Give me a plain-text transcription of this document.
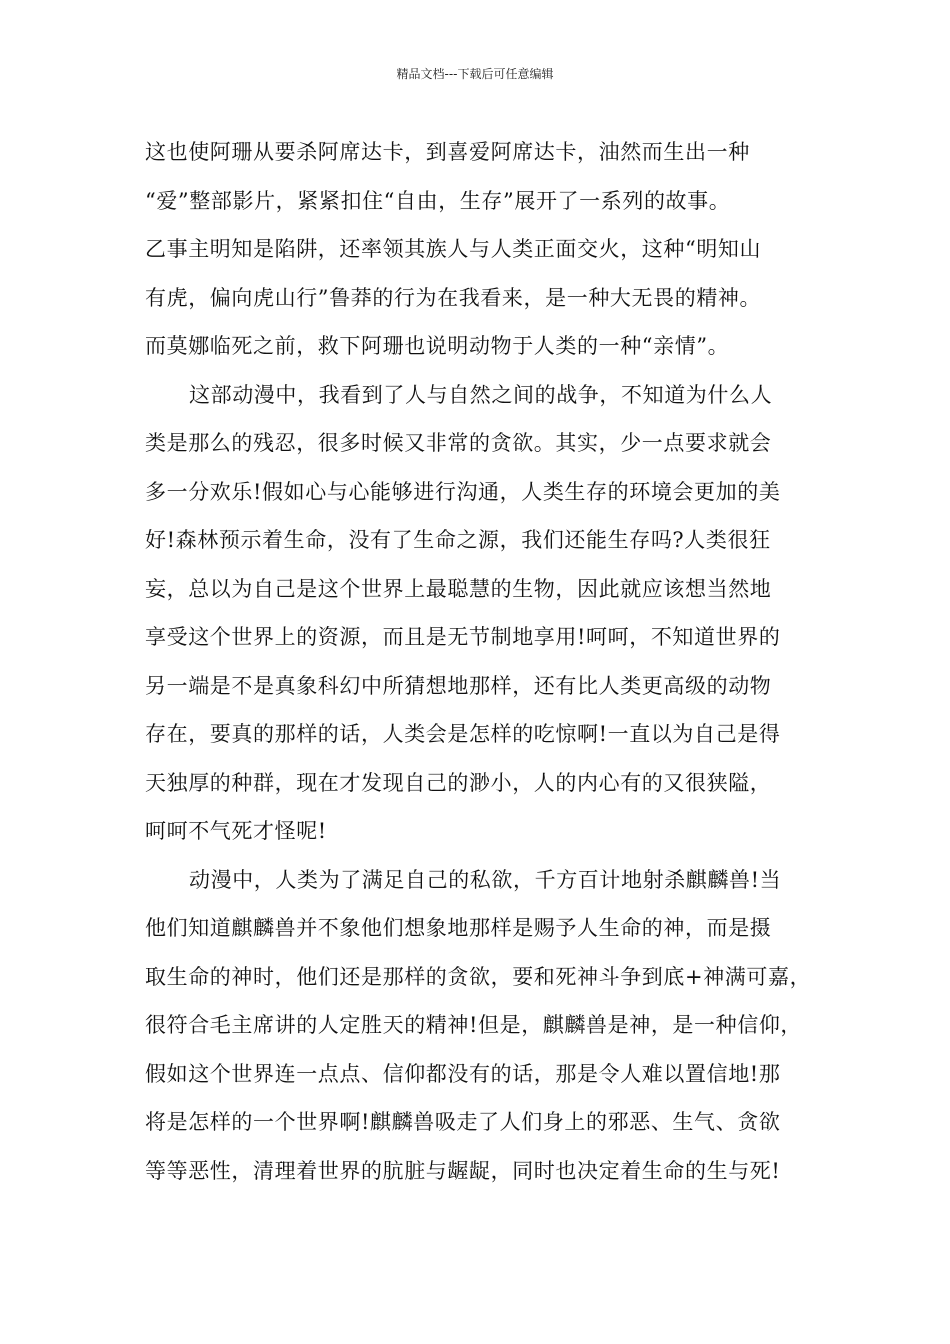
精品文档---下载后可任意编辑
这也使阿珊从要杀阿席达卡，到喜爱阿席达卡，油然而生出一种
“爱”整部影片，紧紧扣住“自由，生存”展开了一系列的故事。
乙事主明知是陷阱，还率领其族人与人类正面交火，这种“明知山
有虎，偏向虎山行”鲁莽的行为在我看来，是一种大无畏的精神。
而莫娜临死之前，救下阿珊也说明动物于人类的一种“亲情”。
这部动漫中，我看到了人与自然之间的战争，不知道为什么人
类是那么的残忍，很多时候又非常的贪欲。其实，少一点要求就会
多一分欢乐!假如心与心能够进行沟通，人类生存的环境会更加的美
好!森林预示着生命，没有了生命之源，我们还能生存吗?人类很狂
妄，总以为自己是这个世界上最聪慧的生物，因此就应该想当然地
享受这个世界上的资源，而且是无节制地享用!呵呵，不知道世界的
另一端是不是真象科幻中所猜想地那样，还有比人类更高级的动物
存在，要真的那样的话，人类会是怎样的吃惊啊!一直以为自己是得
天独厚的种群，现在才发现自己的渺小，人的内心有的又很狭隘，
呵呵不气死才怪呢!
动漫中，人类为了满足自己的私欲，千方百计地射杀麒麟兽!当
他们知道麒麟兽并不象他们想象地那样是赐予人生命的神，而是摄
取生命的神时，他们还是那样的贪欲，要和死神斗争到底+神满可嘉，
很符合毛主席讲的人定胜天的精神!但是，麒麟兽是神，是一种信仰，
假如这个世界连一点点、信仰都没有的话，那是令人难以置信地!那
将是怎样的一个世界啊!麒麟兽吸走了人们身上的邪恶、生气、贪欲
等等恶性，清理着世界的肮脏与龌龊，同时也决定着生命的生与死!
